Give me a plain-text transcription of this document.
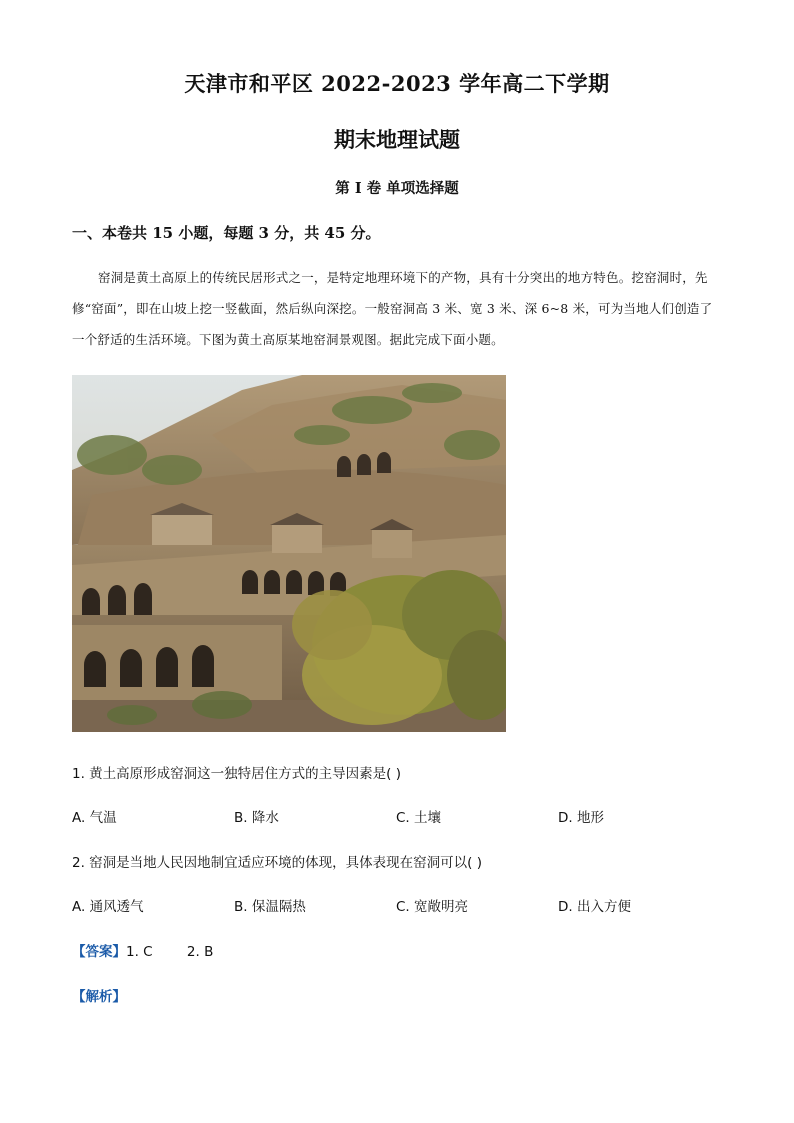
天津市和平区 2022-2023 学年高二下学期
期末地理试题
第 I 卷 单项选择题
一、本卷共 15 小题，每题 3 分，共 45 分。
窑洞是黄土高原上的传统民居形式之一，是特定地理环境下的产物，具有十分突出的地方特色。挖窑洞时，先修“窑面”，即在山坡上挖一竖截面，然后纵向深挖。一般窑洞高 3 米、宽 3 米、深 6~8 米，可为当地人们创造了一个舒适的生活环境。下图为黄土高原某地窑洞景观图。据此完成下面小题。
1. 黄土高原形成窑洞这一独特居住方式的主导因素是( )
A. 气温	B. 降水	C. 土壤	D. 地形
2. 窑洞是当地人民因地制宜适应环境的体现，具体表现在窑洞可以( )
A. 通风透气	B. 保温隔热	C. 宽敞明亮	D. 出入方便
【答案】1. C        2. B
【解析】
